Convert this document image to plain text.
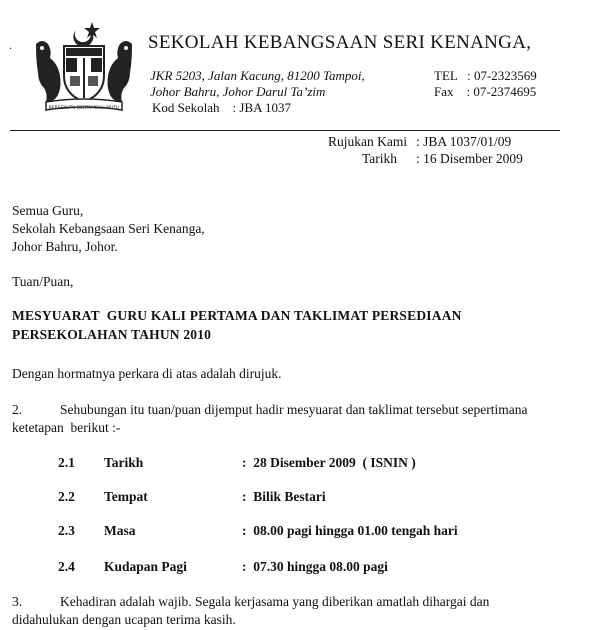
BERSEKUTU BERTAMBAH MUTU
.	SEKOLAH KEBANGSAAN SERI KENANGA,
JKR 5203, Jalan Kacung, 81200 Tampoi,
Johor Bahru, Johor Darul Ta’zim
Kod Sekolah    : JBA 1037
TEL   : 07-2323569
Fax    : 07-2374695
Rujukan Kami : JBA 1037/01/09
Tarikh : 16 Disember 2009
Semua Guru,
Sekolah Kebangsaan Seri Kenanga,
Johor Bahru, Johor.
Tuan/Puan,
MESYUARAT  GURU KALI PERTAMA DAN TAKLIMAT PERSEDIAAN
PERSEKOLAHAN TAHUN 2010
Dengan hormatnya perkara di atas adalah dirujuk.
2.	Sehubungan itu tuan/puan dijemput hadir mesyuarat dan taklimat tersebut sepertimana
ketetapan  berikut :-
2.1 Tarikh	:  28 Disember 2009  ( ISNIN )
2.2 Tempat	:  Bilik Bestari
2.3 Masa	:  08.00 pagi hingga 01.00 tengah hari
2.4 Kudapan Pagi	:  07.30 hingga 08.00 pagi
3.	Kehadiran adalah wajib. Segala kerjasama yang diberikan amatlah dihargai dan
didahulukan dengan ucapan terima kasih.
